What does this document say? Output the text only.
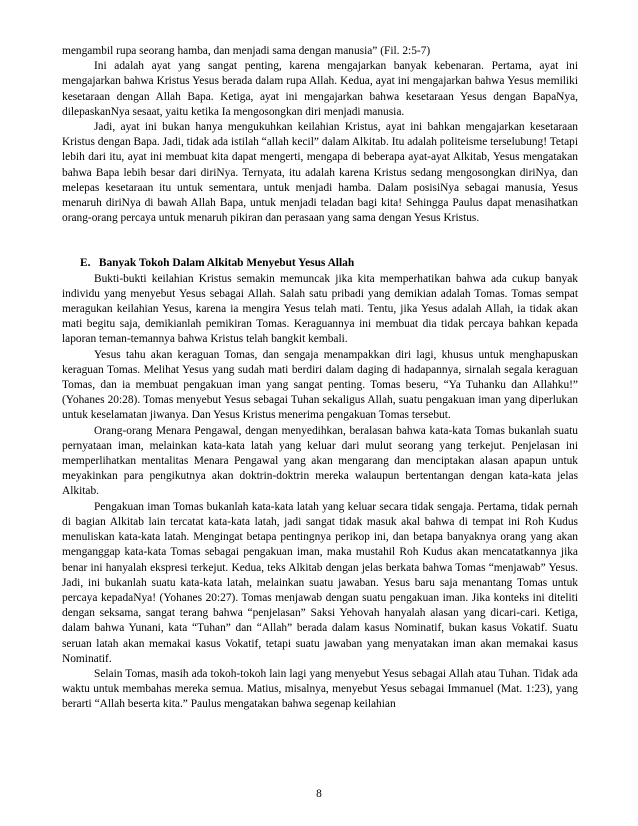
mengambil rupa seorang hamba, dan menjadi sama dengan manusia” (Fil. 2:5-7)

Ini adalah ayat yang sangat penting, karena mengajarkan banyak kebenaran. Pertama, ayat ini mengajarkan bahwa Kristus Yesus berada dalam rupa Allah. Kedua, ayat ini mengajarkan bahwa Yesus memiliki kesetaraan dengan Allah Bapa. Ketiga, ayat ini mengajarkan bahwa kesetaraan Yesus dengan BapaNya, dilepaskanNya sesaat, yaitu ketika Ia mengosongkan diri menjadi manusia.

Jadi, ayat ini bukan hanya mengukuhkan keilahian Kristus, ayat ini bahkan mengajarkan kesetaraan Kristus dengan Bapa. Jadi, tidak ada istilah “allah kecil” dalam Alkitab. Itu adalah politeisme terselubung! Tetapi lebih dari itu, ayat ini membuat kita dapat mengerti, mengapa di beberapa ayat-ayat Alkitab, Yesus mengatakan bahwa Bapa lebih besar dari diriNya. Ternyata, itu adalah karena Kristus sedang mengosongkan diriNya, dan melepas kesetaraan itu untuk sementara, untuk menjadi hamba. Dalam posisiNya sebagai manusia, Yesus menaruh diriNya di bawah Allah Bapa, untuk menjadi teladan bagi kita! Sehingga Paulus dapat menasihatkan orang-orang percaya untuk menaruh pikiran dan perasaan yang sama dengan Yesus Kristus.

E. Banyak Tokoh Dalam Alkitab Menyebut Yesus Allah

Bukti-bukti keilahian Kristus semakin memuncak jika kita memperhatikan bahwa ada cukup banyak individu yang menyebut Yesus sebagai Allah. Salah satu pribadi yang demikian adalah Tomas. Tomas sempat meragukan keilahian Yesus, karena ia mengira Yesus telah mati. Tentu, jika Yesus adalah Allah, ia tidak akan mati begitu saja, demikianlah pemikiran Tomas. Keraguannya ini membuat dia tidak percaya bahkan kepada laporan teman-temannya bahwa Kristus telah bangkit kembali.

Yesus tahu akan keraguan Tomas, dan sengaja menampakkan diri lagi, khusus untuk menghapuskan keraguan Tomas. Melihat Yesus yang sudah mati berdiri dalam daging di hadapannya, sirnalah segala keraguan Tomas, dan ia membuat pengakuan iman yang sangat penting. Tomas beseru, “Ya Tuhanku dan Allahku!” (Yohanes 20:28). Tomas menyebut Yesus sebagai Tuhan sekaligus Allah, suatu pengakuan iman yang diperlukan untuk keselamatan jiwanya. Dan Yesus Kristus menerima pengakuan Tomas tersebut.

Orang-orang Menara Pengawal, dengan menyedihkan, beralasan bahwa kata-kata Tomas bukanlah suatu pernyataan iman, melainkan kata-kata latah yang keluar dari mulut seorang yang terkejut. Penjelasan ini memperlihatkan mentalitas Menara Pengawal yang akan mengarang dan menciptakan alasan apapun untuk meyakinkan para pengikutnya akan doktrin-doktrin mereka walaupun bertentangan dengan kata-kata jelas Alkitab.

Pengakuan iman Tomas bukanlah kata-kata latah yang keluar secara tidak sengaja. Pertama, tidak pernah di bagian Alkitab lain tercatat kata-kata latah, jadi sangat tidak masuk akal bahwa di tempat ini Roh Kudus menuliskan kata-kata latah. Mengingat betapa pentingnya perikop ini, dan betapa banyaknya orang yang akan menganggap kata-kata Tomas sebagai pengakuan iman, maka mustahil Roh Kudus akan mencatatkannya jika benar ini hanyalah ekspresi terkejut. Kedua, teks Alkitab dengan jelas berkata bahwa Tomas “menjawab” Yesus. Jadi, ini bukanlah suatu kata-kata latah, melainkan suatu jawaban. Yesus baru saja menantang Tomas untuk percaya kepadaNya! (Yohanes 20:27). Tomas menjawab dengan suatu pengakuan iman. Jika konteks ini diteliti dengan seksama, sangat terang bahwa “penjelasan” Saksi Yehovah hanyalah alasan yang dicari-cari. Ketiga, dalam bahwa Yunani, kata “Tuhan” dan “Allah” berada dalam kasus Nominatif, bukan kasus Vokatif. Suatu seruan latah akan memakai kasus Vokatif, tetapi suatu jawaban yang menyatakan iman akan memakai kasus Nominatif.

Selain Tomas, masih ada tokoh-tokoh lain lagi yang menyebut Yesus sebagai Allah atau Tuhan. Tidak ada waktu untuk membahas mereka semua. Matius, misalnya, menyebut Yesus sebagai Immanuel (Mat. 1:23), yang berarti “Allah beserta kita.” Paulus mengatakan bahwa segenap keilahian

8
